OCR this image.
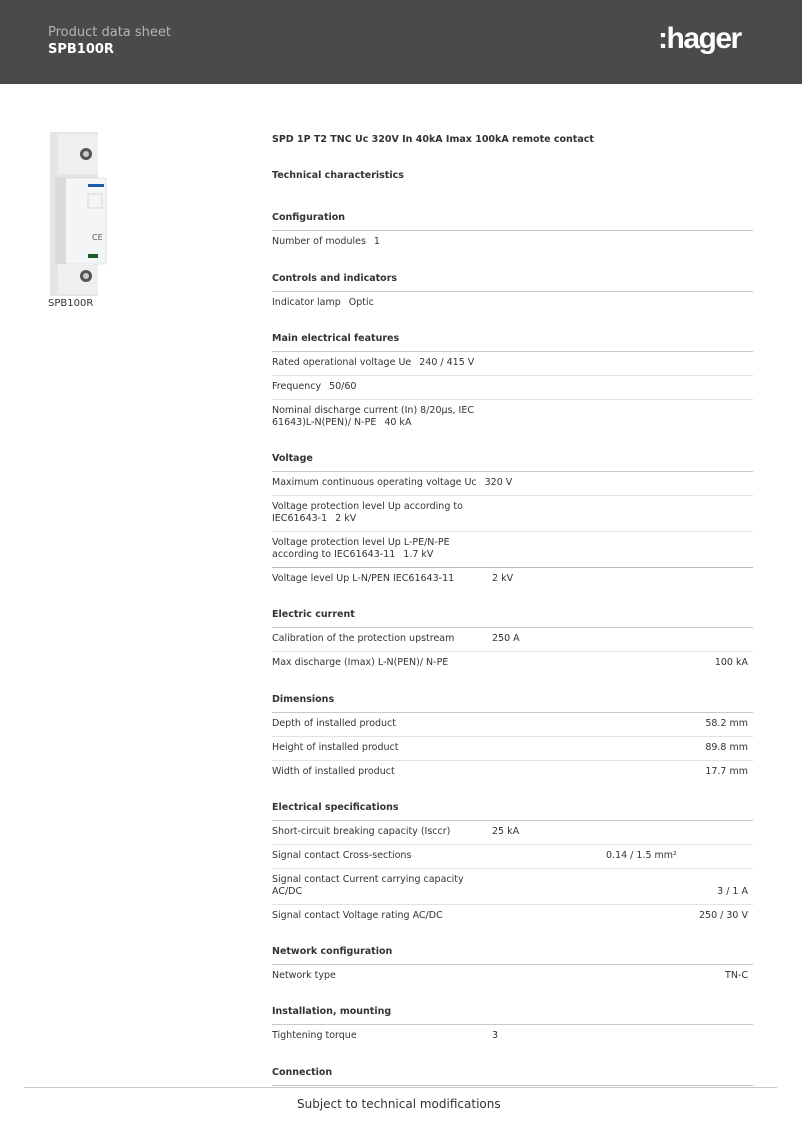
Product data sheet
SPB100R	:hager
CE
SPB100R
SPD 1P T2 TNC Uc 320V In 40kA Imax 100kA remote contact
Technical characteristics
Configuration
Number of modules 1
Controls and indicators
Indicator lamp Optic
Main electrical features
Rated operational voltage Ue 240 / 415 V
Frequency 50/60
Nominal discharge current (In) 8/20µs, IEC
61643)L-N(PEN)/ N-PE 40 kA
Voltage
Maximum continuous operating voltage Uc 320 V
Voltage protection level Up according to
IEC61643-1 2 kV
Voltage protection level Up L-PE/N-PE
according to IEC61643-11 1.7 kV
Voltage level Up L-N/PEN IEC61643-11	2 kV
Electric current
Calibration of the protection upstream	250 A
Max discharge (Imax) L-N(PEN)/ N-PE	100 kA
Dimensions
Depth of installed product	58.2 mm
Height of installed product	89.8 mm
Width of installed product	17.7 mm
Electrical specifications
Short-circuit breaking capacity (Isccr)	25 kA
Signal contact Cross-sections	0.14 / 1.5 mm²
Signal contact Current carrying capacity
AC/DC	3 / 1 A
Signal contact Voltage rating AC/DC	250 / 30 V
Network configuration
Network type	TN-C
Installation, mounting
Tightening torque	3
Connection
Subject to technical modifications
